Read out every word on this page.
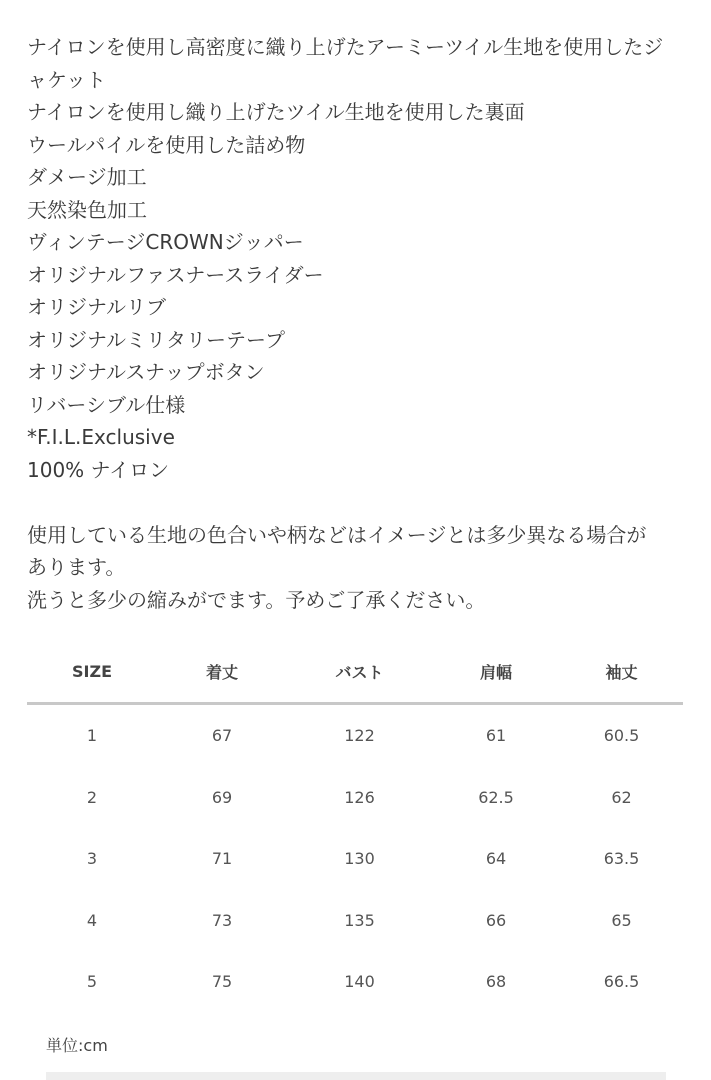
ナイロンを使用し高密度に織り上げたアーミーツイル生地を使用したジ
ャケット
ナイロンを使用し織り上げたツイル生地を使用した裏面
ウールパイルを使用した詰め物
ダメージ加工
天然染色加工
ヴィンテージCROWNジッパー
オリジナルファスナースライダー
オリジナルリブ
オリジナルミリタリーテープ
オリジナルスナップボタン
リバーシブル仕様
*F.I.L.Exclusive
100% ナイロン
使用している生地の色合いや柄などはイメージとは多少異なる場合が
あります。
洗うと多少の縮みがでます。予めご了承ください。
SIZE	着丈	バスト	肩幅	袖丈
1	67	122	61	60.5
2	69	126	62.5	62
3	71	130	64	63.5
4	73	135	66	65
5	75	140	68	66.5
単位:cm
